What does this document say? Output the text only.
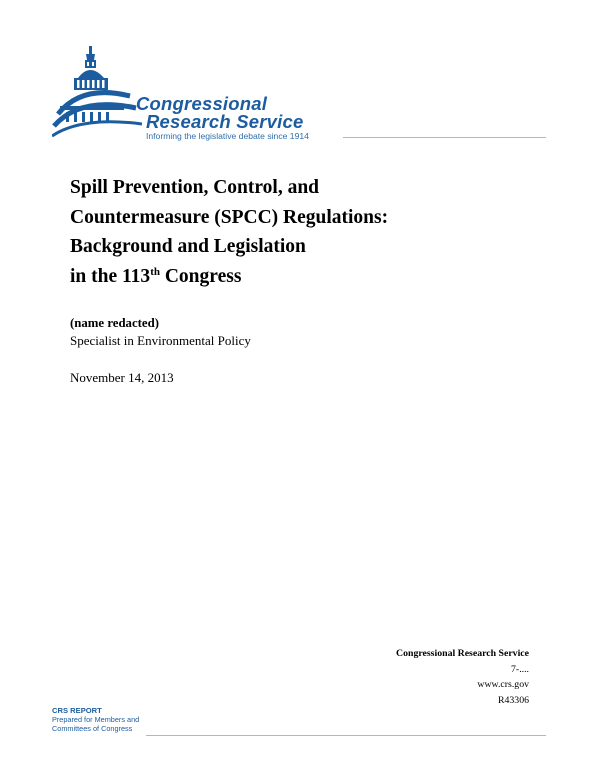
Congressional
Research Service
Informing the legislative debate since 1914
Spill Prevention, Control, and
Countermeasure (SPCC) Regulations:
Background and Legislation
in the 113th Congress
(name redacted)
Specialist in Environmental Policy
November 14, 2013
Congressional Research Service
7-....
www.crs.gov
R43306
CRS REPORT
Prepared for Members and
Committees of Congress
